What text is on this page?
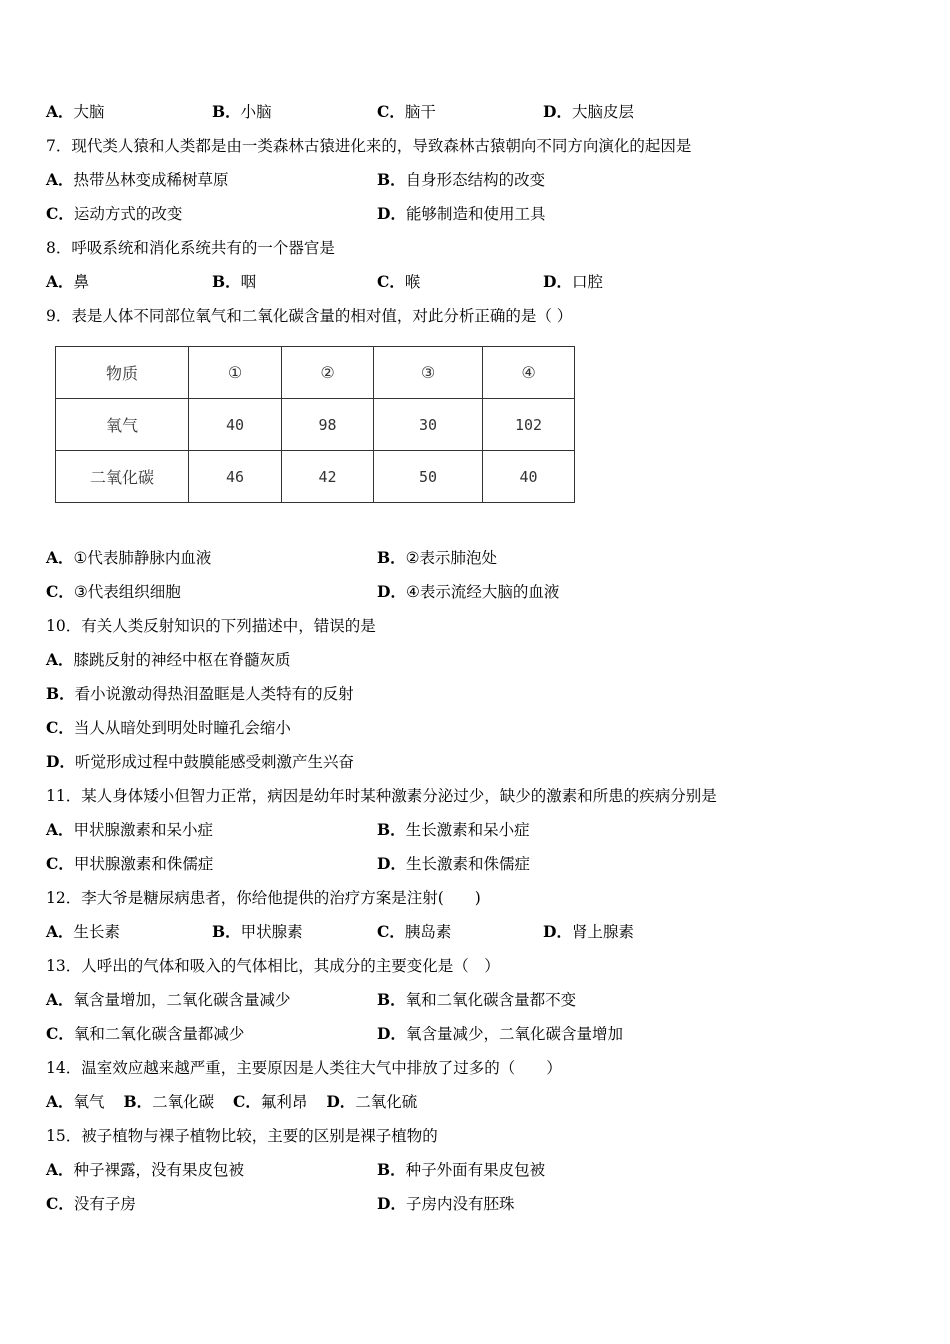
A．大脑	B．小脑	C．脑干	D．大脑皮层
7．现代类人猿和人类都是由一类森林古猿进化来的，导致森林古猿朝向不同方向演化的起因是
A．热带丛林变成稀树草原	B．自身形态结构的改变
C．运动方式的改变	D．能够制造和使用工具
8．呼吸系统和消化系统共有的一个器官是
A．鼻	B．咽	C．喉	D．口腔
9．表是人体不同部位氧气和二氧化碳含量的相对值，对此分析正确的是（ ）
物质	①	②	③	④
氧气	40	98	30	102
二氧化碳	46	42	50	40
A．①代表肺静脉内血液	B．②表示肺泡处
C．③代表组织细胞	D．④表示流经大脑的血液
10．有关人类反射知识的下列描述中，错误的是
A．膝跳反射的神经中枢在脊髓灰质
B．看小说激动得热泪盈眶是人类特有的反射
C．当人从暗处到明处时瞳孔会缩小
D．听觉形成过程中鼓膜能感受刺激产生兴奋
11．某人身体矮小但智力正常，病因是幼年时某种激素分泌过少，缺少的激素和所患的疾病分别是
A．甲状腺激素和呆小症	B．生长激素和呆小症
C．甲状腺激素和侏儒症	D．生长激素和侏儒症
12．李大爷是糖尿病患者，你给他提供的治疗方案是注射(　　)
A．生长素	B．甲状腺素	C．胰岛素	D．肾上腺素
13．人呼出的气体和吸入的气体相比，其成分的主要变化是（　）
A．氧含量增加，二氧化碳含量减少	B．氧和二氧化碳含量都不变
C．氧和二氧化碳含量都减少	D．氧含量减少，二氧化碳含量增加
14．温室效应越来越严重，主要原因是人类往大气中排放了过多的（　　）
A．氧气 B．二氧化碳 C．氟利昂 D．二氧化硫
15．被子植物与裸子植物比较，主要的区别是裸子植物的
A．种子裸露，没有果皮包被	B．种子外面有果皮包被
C．没有子房	D．子房内没有胚珠
